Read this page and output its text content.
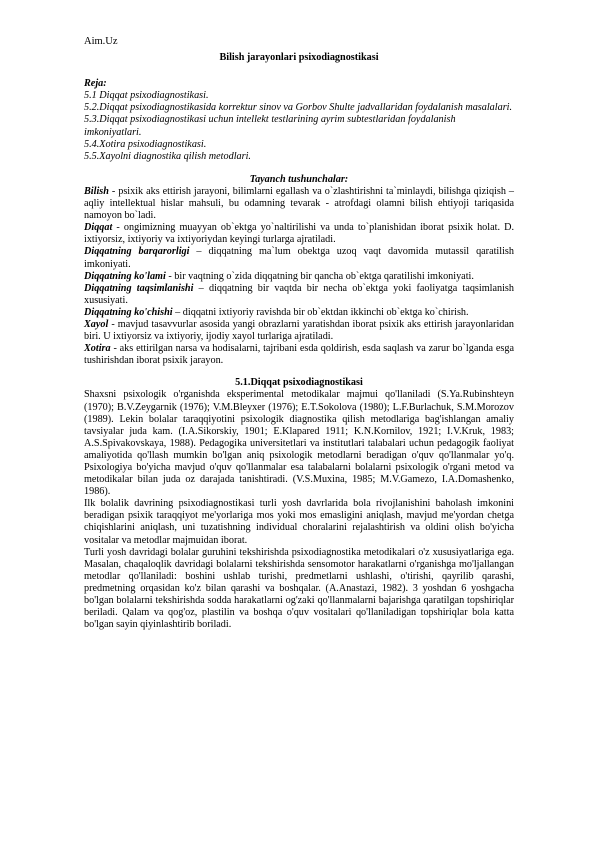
Aim.Uz
Bilish jarayonlari psixodiagnostikasi

Reja:

5.1 Diqqat psixodiagnostikasi.

5.2.Diqqat psixodiagnostikasida korrektur sinov va Gorbov Shulte jadvallaridan foydalanish masalalari.

5.3.Diqqat psixodiagnostikasi uchun intellekt testlarining ayrim subtestlaridan foydalanish imkoniyatlari.

5.4.Xotira psixodiagnostikasi.

5.5.Xayolni diagnostika qilish metodlari.

Tayanch tushunchalar:

Bilish - psixik aks ettirish jarayoni, bilimlarni egallash va o`zlashtirishni ta`minlaydi, bilishga qiziqish – aqliy intellektual hislar mahsuli, bu odamning tevarak - atrofdagi olamni bilish ehtiyoji tariqasida namoyon bo`ladi.

Diqqat - ongimizning muayyan ob`ektga yo`naltirilishi va unda to`planishidan iborat psixik holat. D. ixtiyorsiz, ixtiyoriy va ixtiyoriydan keyingi turlarga ajratiladi.

Diqqatning barqarorligi – diqqatning ma`lum obektga uzoq vaqt davomida mutassil qaratilish imkoniyati.

Diqqatning ko'lami - bir vaqtning o`zida diqqatning bir qancha ob`ektga qaratilishi imkoniyati.

Diqqatning taqsimlanishi – diqqatning bir vaqtda bir necha ob`ektga yoki faoliyatga taqsimlanish xususiyati.

Diqqatning ko'chishi – diqqatni ixtiyoriy ravishda bir ob`ektdan ikkinchi ob`ektga ko`chirish.

Xayol - mavjud tasavvurlar asosida yangi obrazlarni yaratishdan iborat psixik aks ettirish jarayonlaridan biri. U ixtiyorsiz va ixtiyoriy, ijodiy xayol turlariga ajratiladi.

Xotira - aks ettirilgan narsa va hodisalarni, tajribani esda qoldirish, esda saqlash va zarur bo`lganda esga tushirishdan iborat psixik jarayon.

5.1.Diqqat psixodiagnostikasi

Shaxsni psixologik o'rganishda eksperimental metodikalar majmui qo'llaniladi (S.Ya.Rubinshteyn (1970); B.V.Zeygarnik (1976); V.M.Bleyxer (1976); E.T.Sokolova (1980); L.F.Burlachuk, S.M.Morozov (1989). Lekin bolalar taraqqiyotini psixologik diagnostika qilish metodlariga bag'ishlangan amaliy tavsiyalar juda kam. (I.A.Sikorskiy, 1901; E.Klapared 1911; K.N.Kornilov, 1921; I.V.Kruk, 1983; A.S.Spivakovskaya, 1988). Pedagogika universitetlari va institutlari talabalari uchun pedagogik faoliyat amaliyotida qo'llash mumkin bo'lgan aniq psixologik metodlarni beradigan o'quv qo'llanmalar yo'q. Psixologiya bo'yicha mavjud o'quv qo'llanmalar esa talabalarni bolalarni psixologik o'rgani metod va metodikalar bilan juda oz darajada tanishtiradi. (V.S.Muxina, 1985; M.V.Gamezo, I.A.Domashenko, 1986).

Ilk bolalik davrining psixodiagnostikasi turli yosh davrlarida bola rivojlanishini baholash imkonini beradigan psixik taraqqiyot me'yorlariga mos yoki mos emasligini aniqlash, mavjud me'yordan chetga chiqishlarini aniqlash, uni tuzatishning individual choralarini rejalashtirish va oldini olish bo'yicha vositalar va metodlar majmuidan iborat.

Turli yosh davridagi bolalar guruhini tekshirishda psixodiagnostika metodikalari o'z xususiyatlariga ega. Masalan, chaqaloqlik davridagi bolalarni tekshirishda sensomotor harakatlarni o'rganishga mo'ljallangan metodlar qo'llaniladi: boshini ushlab turishi, predmetlarni ushlashi, o'tirishi, qayrilib qarashi, predmetning orqasidan ko'z bilan qarashi va boshqalar. (A.Anastazi, 1982). 3 yoshdan 6 yoshgacha bo'lgan bolalarni tekshirishda sodda harakatlarni og'zaki qo'llanmalarni bajarishga qaratilgan topshiriqlar beriladi. Qalam va qog'oz, plastilin va boshqa o'quv vositalari qo'llaniladigan topshiriqlar bola katta bo'lgan sayin qiyinlashtirib boriladi.
